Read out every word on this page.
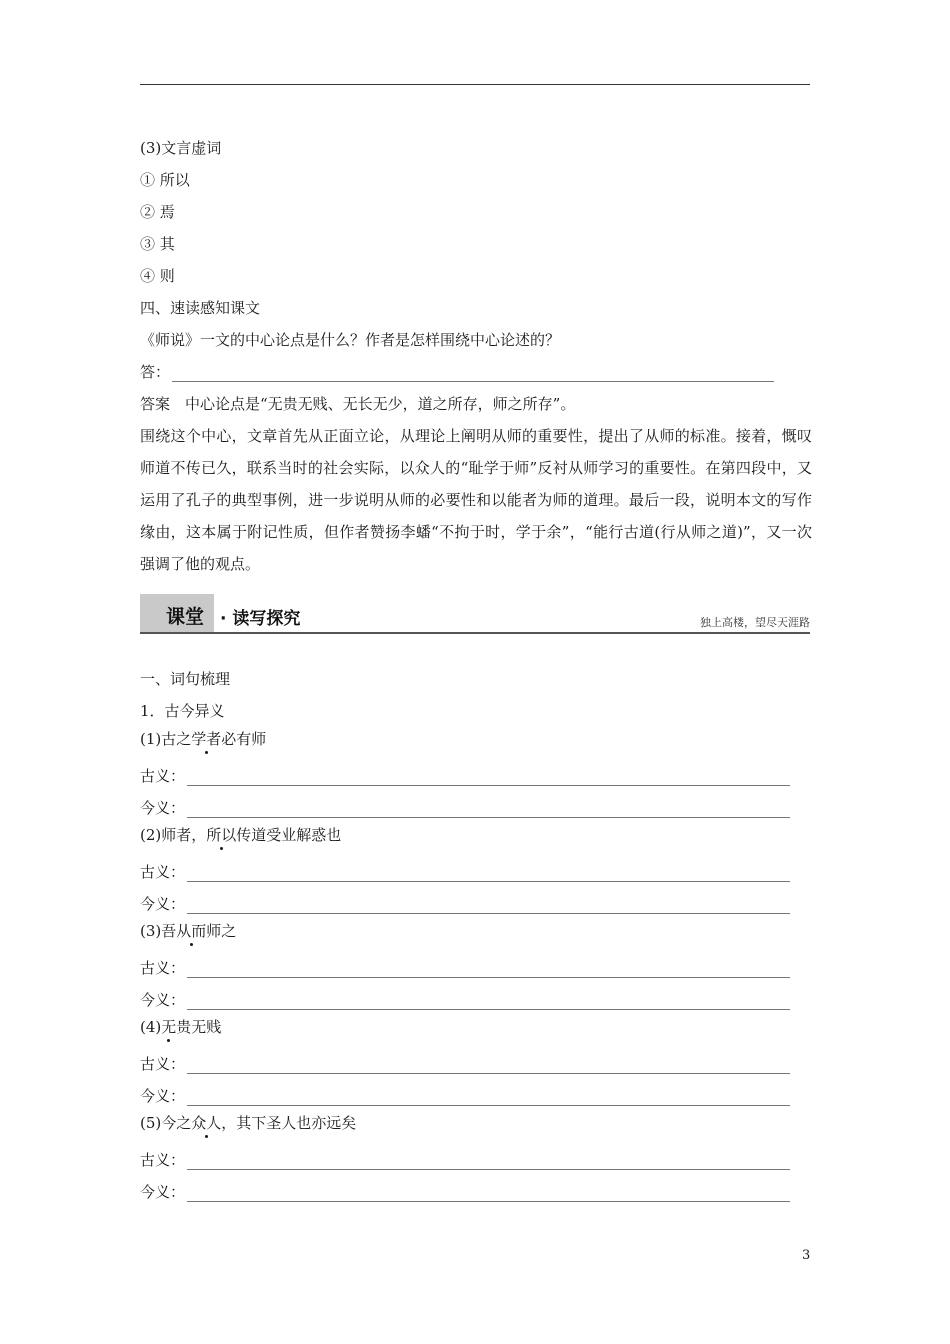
(3)文言虚词
① 所以
② 焉
③ 其
④ 则
四、速读感知课文
《师说》一文的中心论点是什么？作者是怎样围绕中心论述的？
答：
答案　中心论点是“无贵无贱、无长无少，道之所存，师之所存”。
围绕这个中心，文章首先从正面立论，从理论上阐明从师的重要性，提出了从师的标准。接着，慨叹师道不传已久，联系当时的社会实际，以众人的“耻学于师”反衬从师学习的重要性。在第四段中，又运用了孔子的典型事例，进一步说明从师的必要性和以能者为师的道理。最后一段，说明本文的写作缘由，这本属于附记性质，但作者赞扬李蟠“不拘于时，学于余”，“能行古道(行从师之道)”，又一次强调了他的观点。
课堂 · 读写探究	独上高楼，望尽天涯路
一、词句梳理
1．古今异义
(1)古之学者必有师
古义：
今义：
(2)师者，所以传道受业解惑也
古义：
今义：
(3)吾从而师之
古义：
今义：
(4)无贵无贱
古义：
今义：
(5)今之众人，其下圣人也亦远矣
古义：
今义：
3
